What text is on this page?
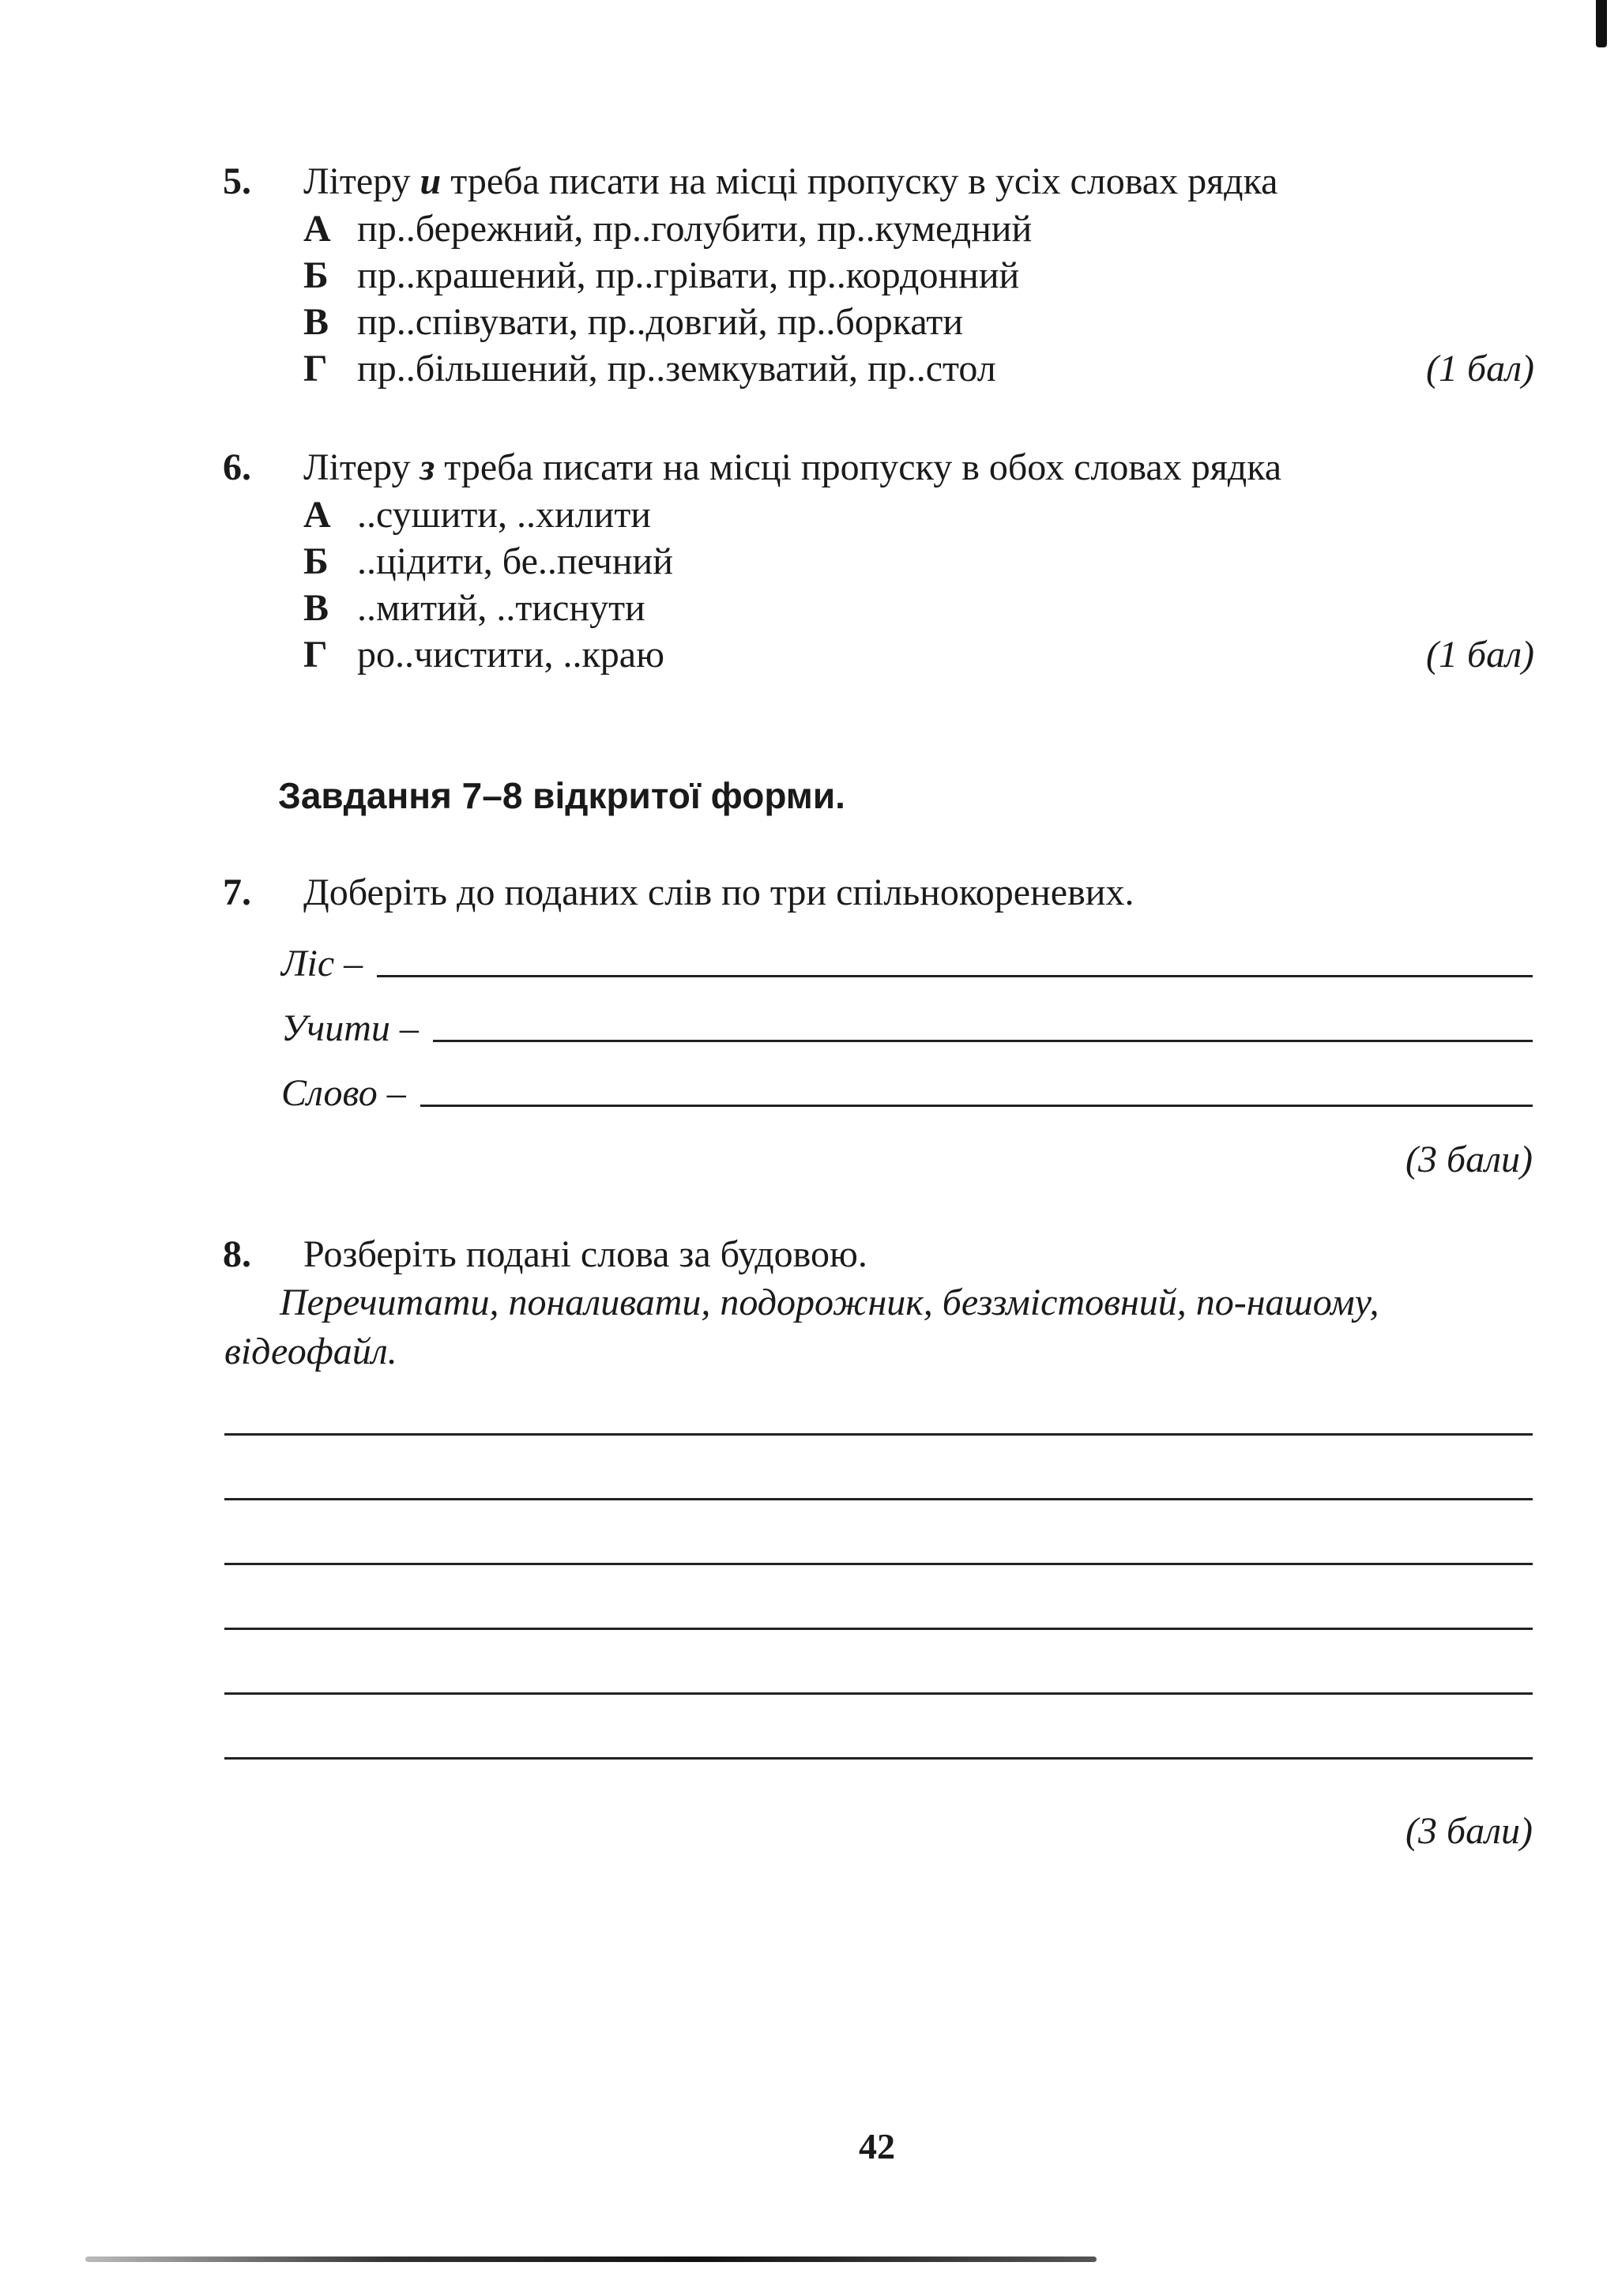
5.	Літеру и треба писати на місці пропуску в усіх словах рядка
А пр..бережний, пр..голубити, пр..кумедний
Б пр..крашений, пр..грівати, пр..кордонний
В пр..співувати, пр..довгий, пр..боркати
Г пр..більшений, пр..земкуватий, пр..стол	(1 бал)
6.	Літеру з треба писати на місці пропуску в обох словах рядка
А ..сушити, ..хилити
Б ..цідити, бе..печний
В ..митий, ..тиснути
Г ро..чистити, ..краю	(1 бал)
Завдання 7–8 відкритої форми.
7.	Доберіть до поданих слів по три спільнокореневих.
Ліс –
Учити –
Слово –
(3 бали)
8.	Розберіть подані слова за будовою.
Перечитати, поналивати, подорожник, беззмістовний, по-нашому, відеофайл.
(3 бали)
42
